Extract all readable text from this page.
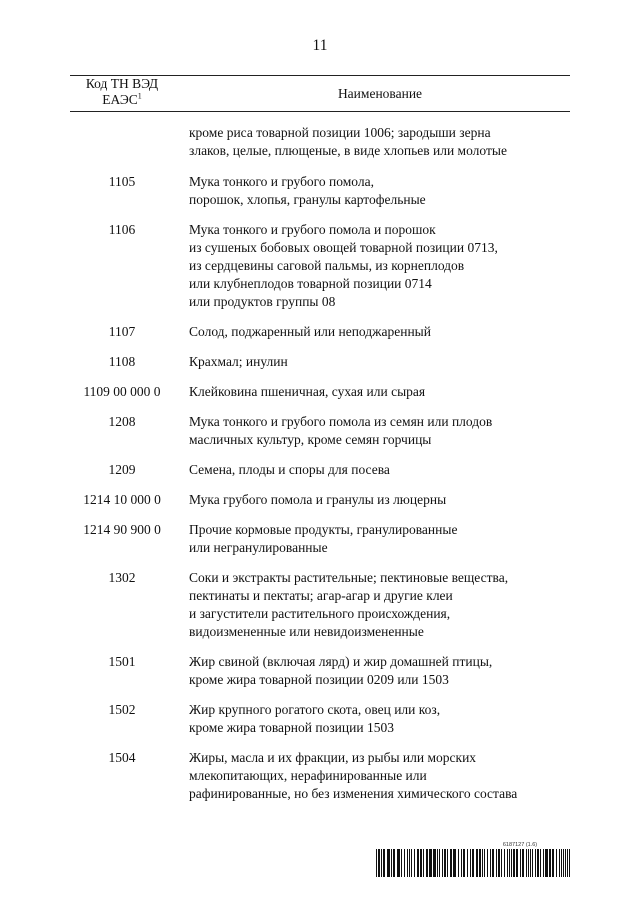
11
Код ТН ВЭД
ЕАЭС$^1$	Наименование
кроме риса товарной позиции 1006; зародыши зерна
злаков, целые, плющеные, в виде хлопьев или молотые
1105	Мука тонкого и грубого помола,
порошок, хлопья, гранулы картофельные
1106	Мука тонкого и грубого помола и порошок
из сушеных бобовых овощей товарной позиции 0713,
из сердцевины саговой пальмы, из корнеплодов
или клубнеплодов товарной позиции 0714
или продуктов группы 08
1107	Солод, поджаренный или неподжаренный
1108	Крахмал; инулин
1109 00 000 0	Клейковина пшеничная, сухая или сырая
1208	Мука тонкого и грубого помола из семян или плодов
масличных культур, кроме семян горчицы
1209	Семена, плоды и споры для посева
1214 10 000 0	Мука грубого помола и гранулы из люцерны
1214 90 900 0	Прочие кормовые продукты, гранулированные
или негранулированные
1302	Соки и экстракты растительные; пектиновые вещества,
пектинаты и пектаты; агар-агар и другие клеи
и загустители растительного происхождения,
видоизмененные или невидоизмененные
1501	Жир свиной (включая лярд) и жир домашней птицы,
кроме жира товарной позиции 0209 или 1503
1502	Жир крупного рогатого скота, овец или коз,
кроме жира товарной позиции 1503
1504	Жиры, масла и их фракции, из рыбы или морских
млекопитающих, нерафинированные или
рафинированные, но без изменения химического состава
6187127 (1.6)
